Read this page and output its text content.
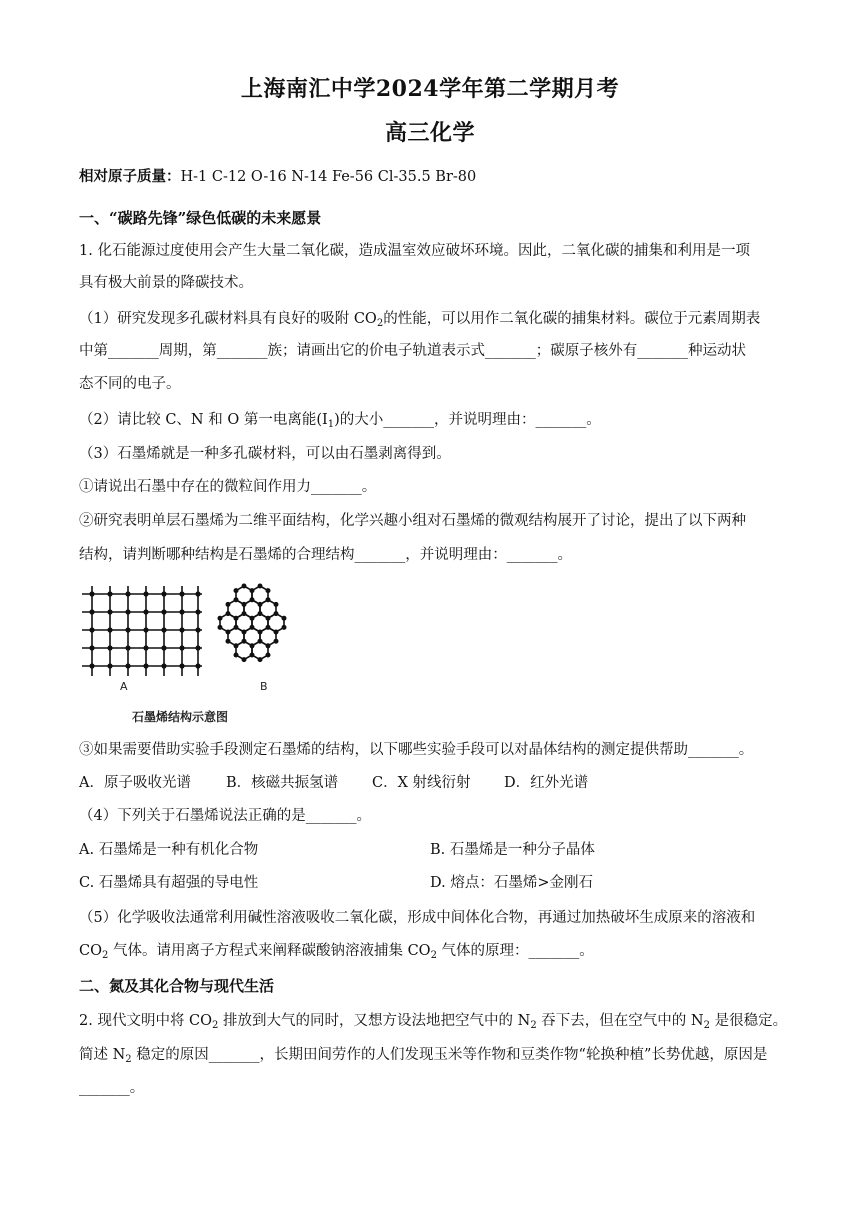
上海南汇中学2024学年第二学期月考
高三化学
相对原子质量：H-1 C-12 O-16 N-14 Fe-56 Cl-35.5 Br-80
一、“碳路先锋”绿色低碳的未来愿景
1. 化石能源过度使用会产生大量二氧化碳，造成温室效应破坏环境。因此，二氧化碳的捕集和利用是一项
具有极大前景的降碳技术。
（1）研究发现多孔碳材料具有良好的吸附 $CO_2$的性能，可以用作二氧化碳的捕集材料。碳位于元素周期表
中第_______周期，第_______族；请画出它的价电子轨道表示式_______；碳原子核外有_______种运动状
态不同的电子。
（2）请比较 C、N 和 O 第一电离能$(I_1)$的大小_______，并说明理由：_______。
（3）石墨烯就是一种多孔碳材料，可以由石墨剥离得到。
①请说出石墨中存在的微粒间作用力_______。
②研究表明单层石墨烯为二维平面结构，化学兴趣小组对石墨烯的微观结构展开了讨论，提出了以下两种
结构，请判断哪种结构是石墨烯的合理结构_______，并说明理由：_______。
A	B
石墨烯结构示意图
③如果需要借助实验手段测定石墨烯的结构，以下哪些实验手段可以对晶体结构的测定提供帮助_______。
A．原子吸收光谱 B．核磁共振氢谱 C．X 射线衍射 D．红外光谱
（4）下列关于石墨烯说法正确的是_______。
A. 石墨烯是一种有机化合物	B. 石墨烯是一种分子晶体
C. 石墨烯具有超强的导电性	D. 熔点：石墨烯>金刚石
（5）化学吸收法通常利用碱性溶液吸收二氧化碳，形成中间体化合物，再通过加热破坏生成原来的溶液和
$CO_2$ 气体。请用离子方程式来阐释碳酸钠溶液捕集 $CO_2$ 气体的原理：_______。
二、氮及其化合物与现代生活
2. 现代文明中将 $CO_2$ 排放到大气的同时，又想方设法地把空气中的 $N_2$ 吞下去，但在空气中的 $N_2$ 是很稳定。
简述 $N_2$ 稳定的原因_______，长期田间劳作的人们发现玉米等作物和豆类作物“轮换种植”长势优越，原因是
_______。
